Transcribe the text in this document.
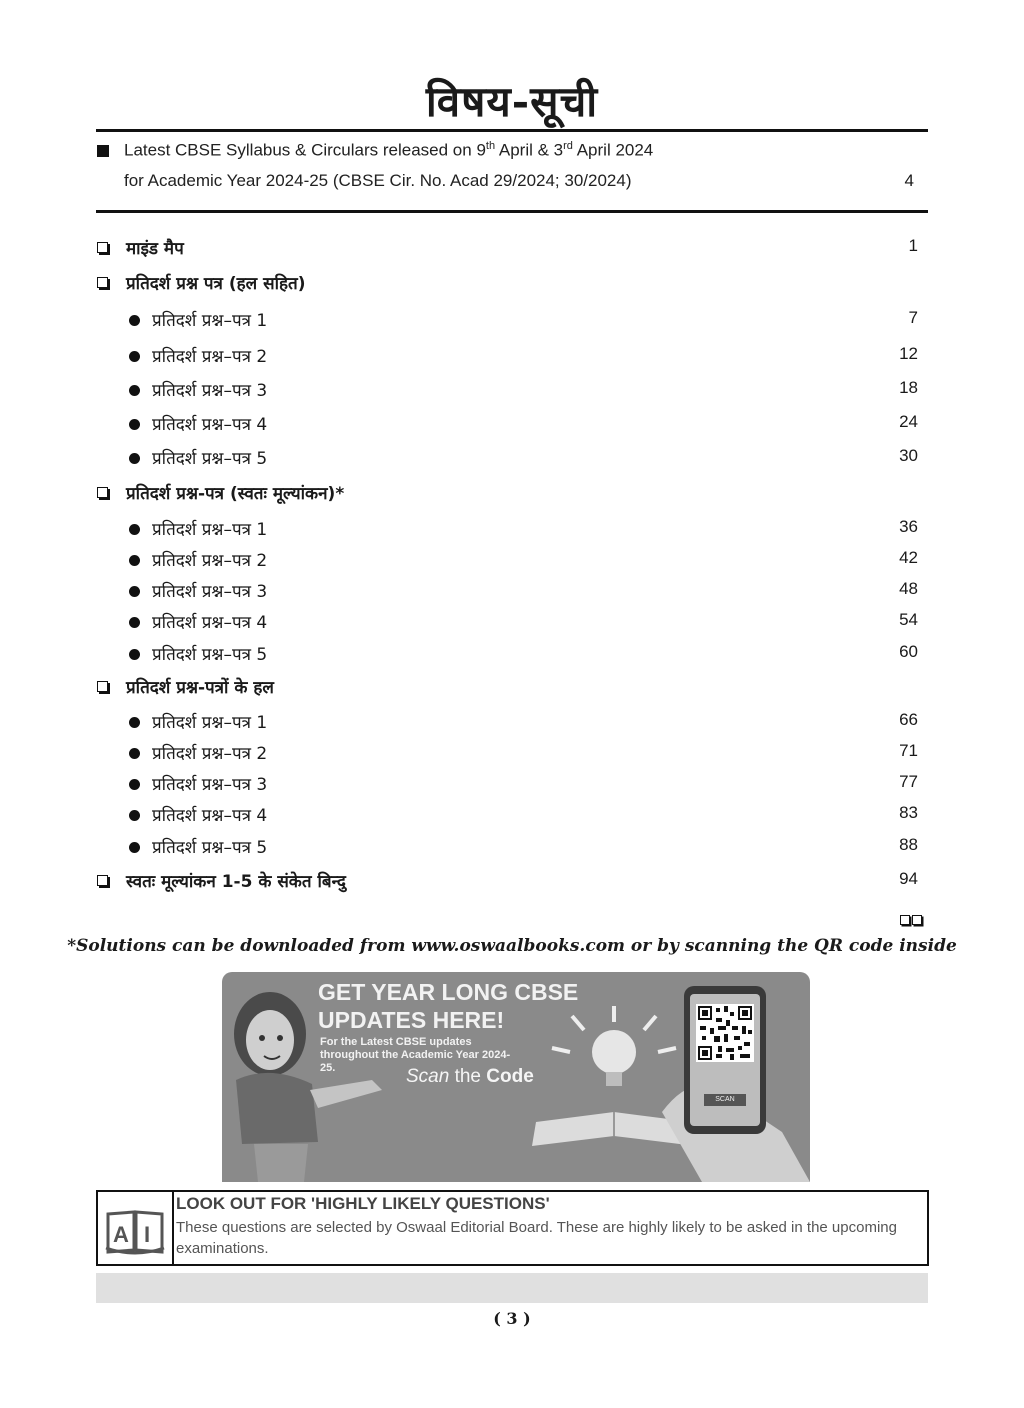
विषय-सूची
Latest CBSE Syllabus & Circulars released on 9th April & 3rd April 2024
for Academic Year 2024-25 (CBSE Cir. No. Acad 29/2024; 30/2024)	4
माइंड मैप	1
प्रतिदर्श प्रश्न पत्र (हल सहित)
प्रतिदर्श प्रश्न–पत्र 1	7
प्रतिदर्श प्रश्न–पत्र 2	12
प्रतिदर्श प्रश्न–पत्र 3	18
प्रतिदर्श प्रश्न–पत्र 4	24
प्रतिदर्श प्रश्न–पत्र 5	30
प्रतिदर्श प्रश्न-पत्र (स्वतः मूल्यांकन)*
प्रतिदर्श प्रश्न–पत्र 1	36
प्रतिदर्श प्रश्न–पत्र 2	42
प्रतिदर्श प्रश्न–पत्र 3	48
प्रतिदर्श प्रश्न–पत्र 4	54
प्रतिदर्श प्रश्न–पत्र 5	60
प्रतिदर्श प्रश्न-पत्रों के हल
प्रतिदर्श प्रश्न–पत्र 1	66
प्रतिदर्श प्रश्न–पत्र 2	71
प्रतिदर्श प्रश्न–पत्र 3	77
प्रतिदर्श प्रश्न–पत्र 4	83
प्रतिदर्श प्रश्न–पत्र 5	88
स्वतः मूल्यांकन 1-5 के संकेत बिन्दु	94
*Solutions can be downloaded from www.oswaalbooks.com or by scanning the QR code inside
GET YEAR LONG CBSE
UPDATES HERE!
For the Latest CBSE updates throughout the Academic Year 2024-25.	Scan the Code
SCAN
A I
LOOK OUT FOR 'HIGHLY LIKELY QUESTIONS'
These questions are selected by Oswaal Editorial Board. These are highly likely to be asked in the upcoming examinations.
( 3 )
